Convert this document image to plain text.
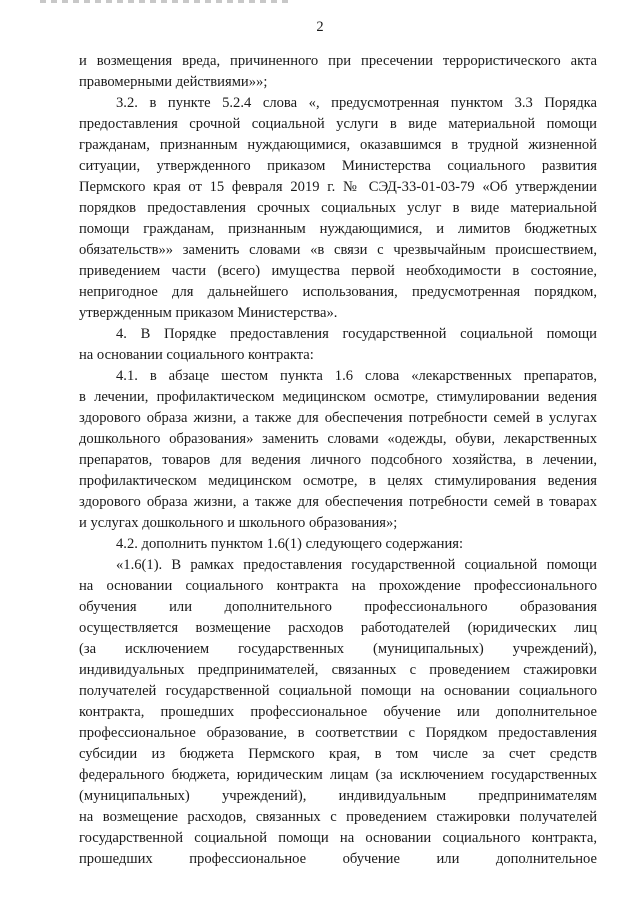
2
и возмещения вреда, причиненного при пресечении террористического акта
правомерными действиями»»;
3.2. в пункте 5.2.4 слова «, предусмотренная пунктом 3.3 Порядка
предоставления срочной социальной услуги в виде материальной помощи
гражданам, признанным нуждающимися, оказавшимся в трудной жизненной
ситуации, утвержденного приказом Министерства социального развития
Пермского края от 15 февраля 2019 г. № СЭД-33-01-03-79 «Об утверждении
порядков предоставления срочных социальных услуг в виде материальной
помощи гражданам, признанным нуждающимися, и лимитов бюджетных
обязательств»» заменить словами «в связи с чрезвычайным происшествием,
приведением части (всего) имущества первой необходимости в состояние,
непригодное для дальнейшего использования, предусмотренная порядком,
утвержденным приказом Министерства».
4. В Порядке предоставления государственной социальной помощи
на основании социального контракта:
4.1. в абзаце шестом пункта 1.6 слова «лекарственных препаратов,
в лечении, профилактическом медицинском осмотре, стимулировании ведения
здорового образа жизни, а также для обеспечения потребности семей в услугах
дошкольного образования» заменить словами «одежды, обуви, лекарственных
препаратов, товаров для ведения личного подсобного хозяйства, в лечении,
профилактическом медицинском осмотре, в целях стимулирования ведения
здорового образа жизни, а также для обеспечения потребности семей в товарах
и услугах дошкольного и школьного образования»;
4.2. дополнить пунктом 1.6(1) следующего содержания:
«1.6(1). В рамках предоставления государственной социальной помощи
на основании социального контракта на прохождение профессионального
обучения или дополнительного профессионального образования
осуществляется возмещение расходов работодателей (юридических лиц
(за исключением государственных (муниципальных) учреждений),
индивидуальных предпринимателей, связанных с проведением стажировки
получателей государственной социальной помощи на основании социального
контракта, прошедших профессиональное обучение или дополнительное
профессиональное образование, в соответствии с Порядком предоставления
субсидии из бюджета Пермского края, в том числе за счет средств
федерального бюджета, юридическим лицам (за исключением государственных
(муниципальных) учреждений), индивидуальным предпринимателям
на возмещение расходов, связанных с проведением стажировки получателей
государственной социальной помощи на основании социального контракта,
прошедших профессиональное обучение или дополнительное
